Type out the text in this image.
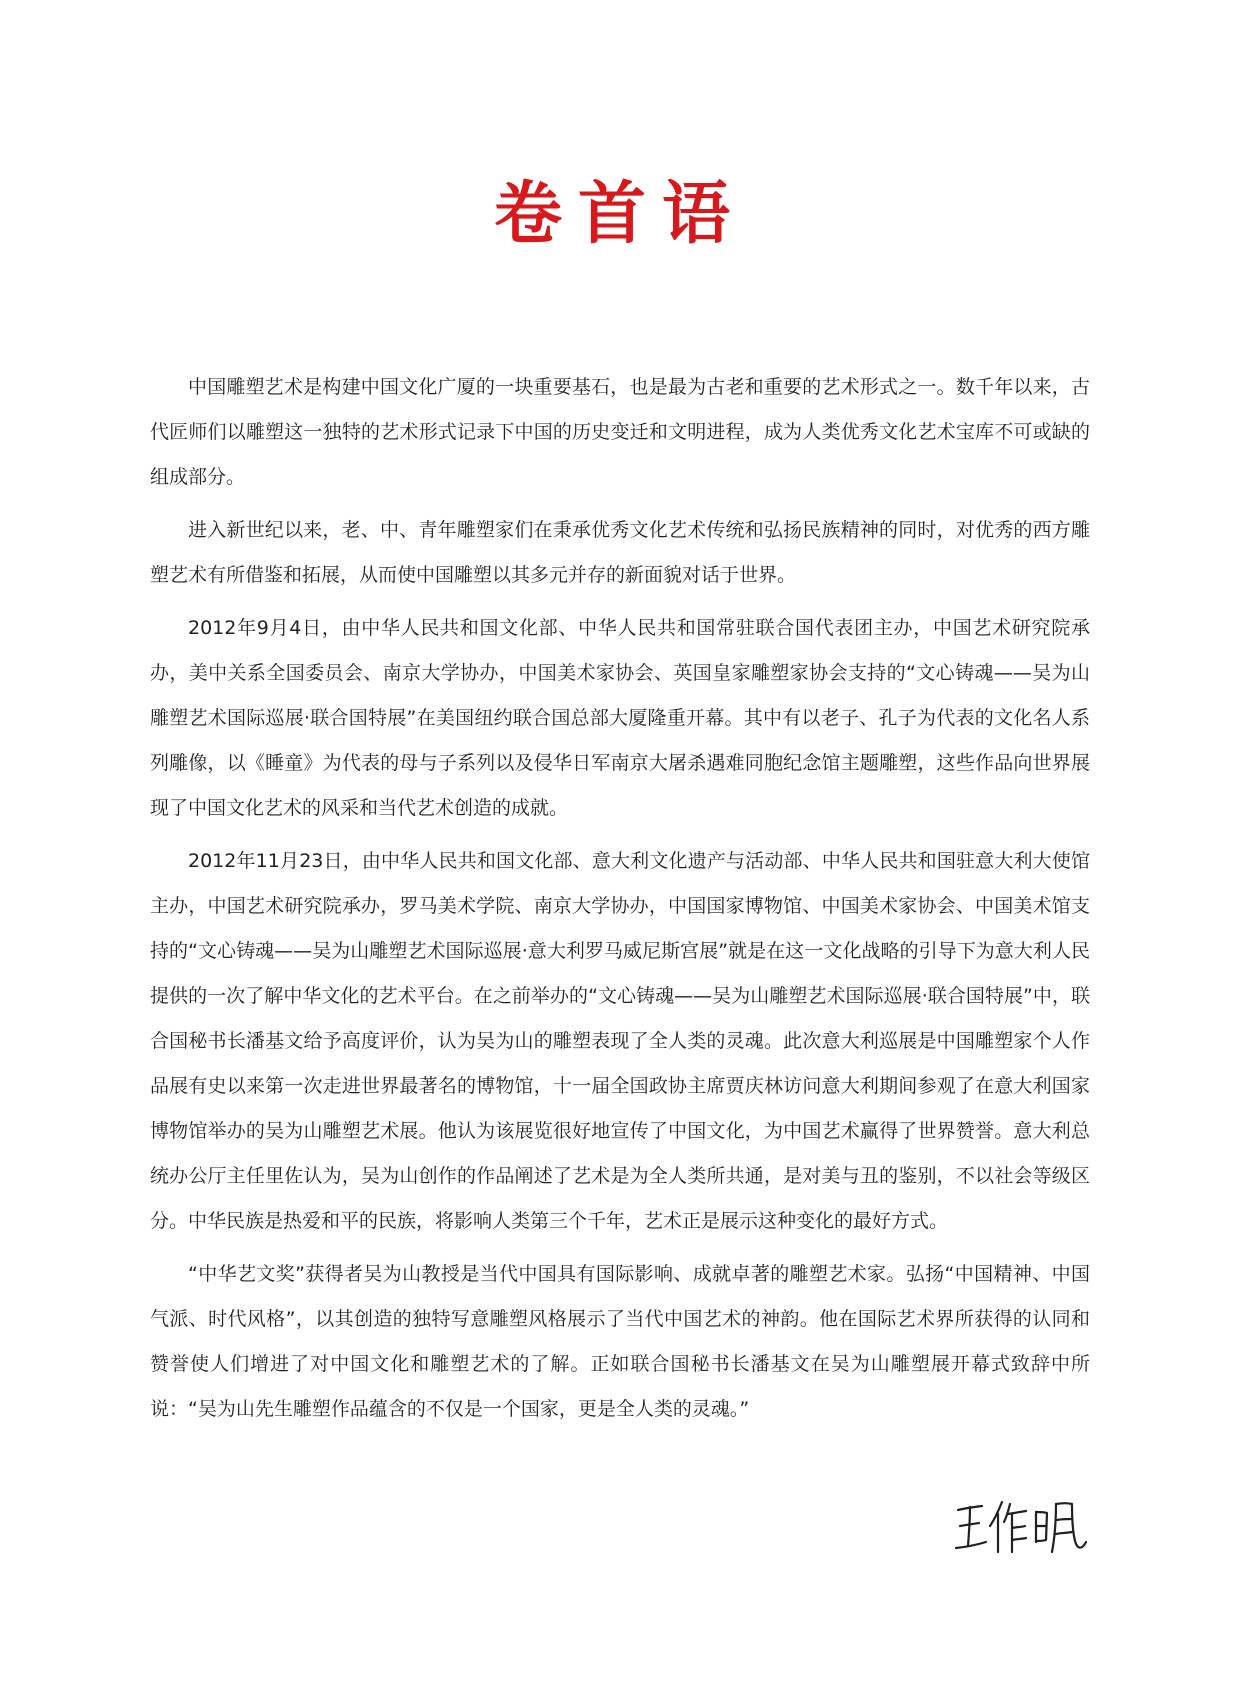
卷首语

中国雕塑艺术是构建中国文化广厦的一块重要基石，也是最为古老和重要的艺术形式之一。数千年以来，古代匠师们以雕塑这一独特的艺术形式记录下中国的历史变迁和文明进程，成为人类优秀文化艺术宝库不可或缺的组成部分。

进入新世纪以来，老、中、青年雕塑家们在秉承优秀文化艺术传统和弘扬民族精神的同时，对优秀的西方雕塑艺术有所借鉴和拓展，从而使中国雕塑以其多元并存的新面貌对话于世界。

2012年9月4日，由中华人民共和国文化部、中华人民共和国常驻联合国代表团主办，中国艺术研究院承办，美中关系全国委员会、南京大学协办，中国美术家协会、英国皇家雕塑家协会支持的“文心铸魂——吴为山雕塑艺术国际巡展·联合国特展”在美国纽约联合国总部大厦隆重开幕。其中有以老子、孔子为代表的文化名人系列雕像，以《睡童》为代表的母与子系列以及侵华日军南京大屠杀遇难同胞纪念馆主题雕塑，这些作品向世界展现了中国文化艺术的风采和当代艺术创造的成就。

2012年11月23日，由中华人民共和国文化部、意大利文化遗产与活动部、中华人民共和国驻意大利大使馆主办，中国艺术研究院承办，罗马美术学院、南京大学协办，中国国家博物馆、中国美术家协会、中国美术馆支持的“文心铸魂——吴为山雕塑艺术国际巡展·意大利罗马威尼斯宫展”就是在这一文化战略的引导下为意大利人民提供的一次了解中华文化的艺术平台。在之前举办的“文心铸魂——吴为山雕塑艺术国际巡展·联合国特展”中，联合国秘书长潘基文给予高度评价，认为吴为山的雕塑表现了全人类的灵魂。此次意大利巡展是中国雕塑家个人作品展有史以来第一次走进世界最著名的博物馆，十一届全国政协主席贾庆林访问意大利期间参观了在意大利国家博物馆举办的吴为山雕塑艺术展。他认为该展览很好地宣传了中国文化，为中国艺术赢得了世界赞誉。意大利总统办公厅主任里佐认为，吴为山创作的作品阐述了艺术是为全人类所共通，是对美与丑的鉴别，不以社会等级区分。中华民族是热爱和平的民族，将影响人类第三个千年，艺术正是展示这种变化的最好方式。

“中华艺文奖”获得者吴为山教授是当代中国具有国际影响、成就卓著的雕塑艺术家。弘扬“中国精神、中国气派、时代风格”，以其创造的独特写意雕塑风格展示了当代中国艺术的神韵。他在国际艺术界所获得的认同和赞誉使人们增进了对中国文化和雕塑艺术的了解。正如联合国秘书长潘基文在吴为山雕塑展开幕式致辞中所说：“吴为山先生雕塑作品蕴含的不仅是一个国家，更是全人类的灵魂。”
